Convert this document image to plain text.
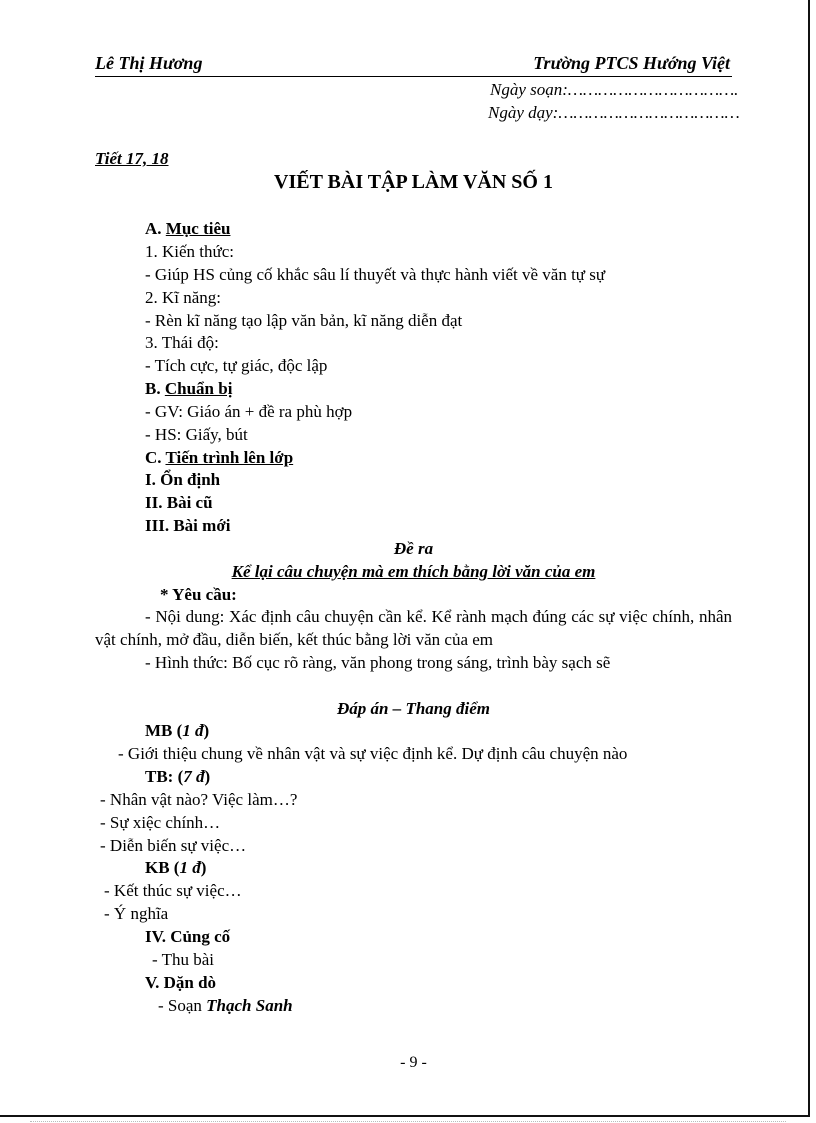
Lê Thị Hương	Trường PTCS Hướng Việt
Ngày soạn:…………………………….
Ngày dạy:………………………………
Tiết 17, 18
VIẾT BÀI TẬP LÀM VĂN SỐ 1
A. Mục tiêu
1. Kiến thức:
- Giúp HS củng cố khắc sâu lí thuyết và thực hành viết về văn tự sự
2. Kĩ năng:
- Rèn kĩ năng tạo lập văn bản, kĩ năng diễn đạt
3. Thái độ:
- Tích cực, tự giác, độc lập
B. Chuẩn bị
- GV: Giáo án + đề ra phù hợp
- HS: Giấy, bút
C. Tiến trình lên lớp
I. Ổn định
II. Bài cũ
III. Bài mới
Đề ra
Kể lại câu chuyện mà em thích bằng lời văn của em
* Yêu cầu:
- Nội dung: Xác định câu chuyện cần kể. Kể rành mạch đúng các sự việc chính, nhân vật chính, mở đầu, diễn biến, kết thúc bằng lời văn của em
- Hình thức: Bố cục rõ ràng, văn phong trong sáng, trình bày sạch sẽ
Đáp án – Thang điểm
MB (1 đ)
- Giới thiệu chung về nhân vật và sự việc định kể. Dự định câu chuyện nào
TB: (7 đ)
- Nhân vật nào? Việc làm…?
- Sự xiệc chính…
- Diễn biến sự việc…
KB (1 đ)
- Kết thúc sự việc…
- Ý nghĩa
IV. Củng cố
- Thu bài
V. Dặn dò
- Soạn Thạch Sanh
- 9 -
